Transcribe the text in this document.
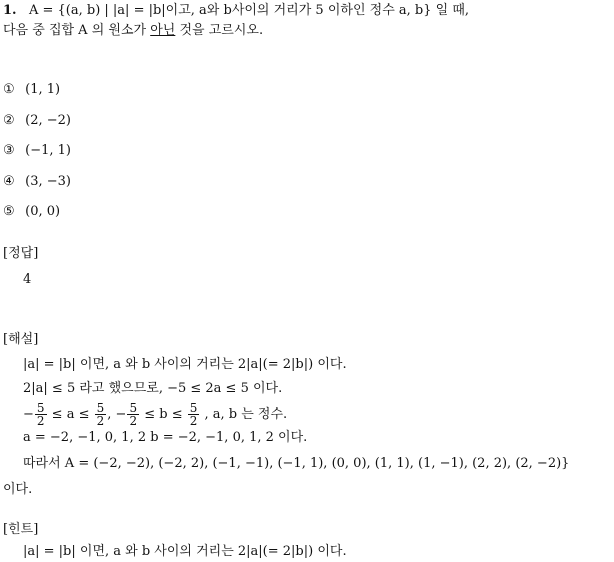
1. A = {(a, b) | |a| = |b|이고, a와 b사이의 거리가 5 이하인 정수 a, b} 일 때,
다음 중 집합 A 의 원소가 아닌 것을 고르시오.
① (1, 1)
② (2, −2)
③ (−1, 1)
④ (3, −3)
⑤ (0, 0)
[정답]
4
[해설]
|a| = |b| 이면, a 와 b 사이의 거리는 2|a|(= 2|b|) 이다.
2|a| ≤ 5 라고 했으므로, −5 ≤ 2a ≤ 5 이다.
− $\frac{5}{2} \le a \le \frac{5}{2}$ , − $\frac{5}{2} \le b \le \frac{5}{2}$ , a, b 는 정수.
a = −2, −1, 0, 1, 2 b = −2, −1, 0, 1, 2 이다.
따라서 A = (−2, −2), (−2, 2), (−1, −1), (−1, 1), (0, 0), (1, 1), (1, −1), (2, 2), (2, −2)}
이다.
[힌트]
|a| = |b| 이면, a 와 b 사이의 거리는 2|a|(= 2|b|) 이다.
